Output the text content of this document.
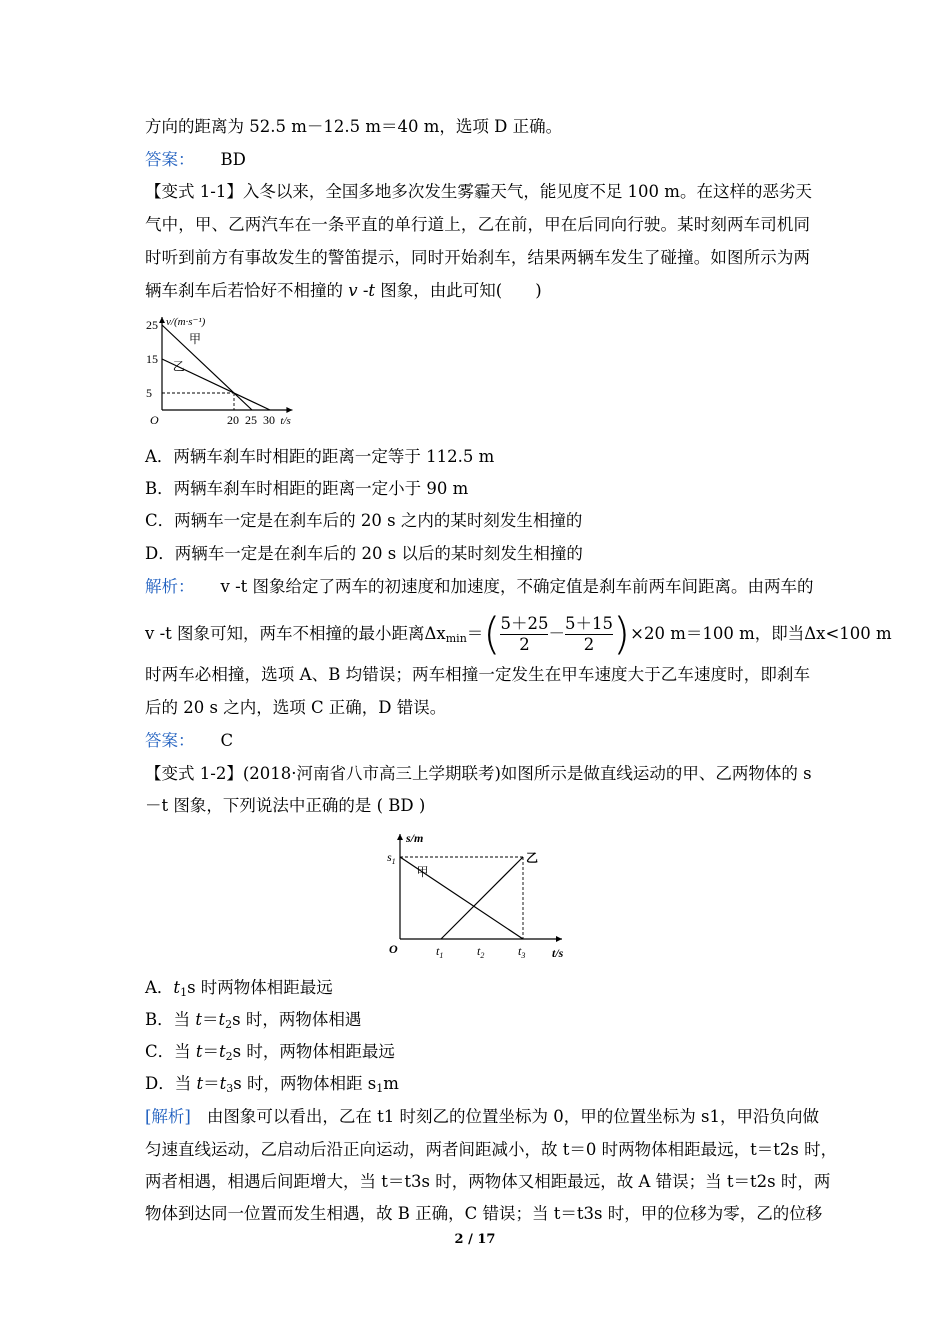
方向的距离为 52.5 m－12.5 m＝40 m，选项 D 正确。
答案： BD
【变式 1-1】入冬以来，全国多地多次发生雾霾天气，能见度不足 100 m。在这样的恶劣天
气中，甲、乙两汽车在一条平直的单行道上，乙在前，甲在后同向行驶。某时刻两车司机同
时听到前方有事故发生的警笛提示，同时开始刹车，结果两辆车发生了碰撞。如图所示为两
辆车刹车后若恰好不相撞的 v -t 图象，由此可知(　　)
v/(m·s⁻¹)
t/s
O
5
15
25
20 25 30
甲
乙
A．两辆车刹车时相距的距离一定等于 112.5 m
B．两辆车刹车时相距的距离一定小于 90 m
C．两辆车一定是在刹车后的 20 s 之内的某时刻发生相撞的
D．两辆车一定是在刹车后的 20 s 以后的某时刻发生相撞的
解析： v -t 图象给定了两车的初速度和加速度，不确定值是刹车前两车间距离。由两车的
v -t 图象可知，两车不相撞的最小距离$\Delta x_{min}=( \frac{5+25}{2} - \frac{5+15}{2} )\times 20$ m＝100 m，即当Δx<100 m
时两车必相撞，选项 A、B 均错误；两车相撞一定发生在甲车速度大于乙车速度时，即刹车
后的 20 s 之内，选项 C 正确，D 错误。
答案： C
【变式 1-2】(2018·河南省八市高三上学期联考)如图所示是做直线运动的甲、乙两物体的 s
－t 图象，下列说法中正确的是 ( BD )
s/m
t/s
O
$s_1$
$t_1$	$t_2$	$t_3$
甲
乙
A．$t_1s$ 时两物体相距最远
B．当 $t=t_2s$ 时，两物体相遇
C．当 $t=t_2s$ 时，两物体相距最远
D．当 $t=t_3s$ 时，两物体相距 $s_1m$
[解析] 由图象可以看出，乙在 t1 时刻乙的位置坐标为 0，甲的位置坐标为 s1，甲沿负向做
匀速直线运动，乙启动后沿正向运动，两者间距减小，故 t＝0 时两物体相距最远，t＝t2s 时，
两者相遇，相遇后间距增大，当 t＝t3s 时，两物体又相距最远，故 A 错误；当 t＝t2s 时，两
物体到达同一位置而发生相遇，故 B 正确，C 错误；当 t＝t3s 时，甲的位移为零，乙的位移
2 / 17
